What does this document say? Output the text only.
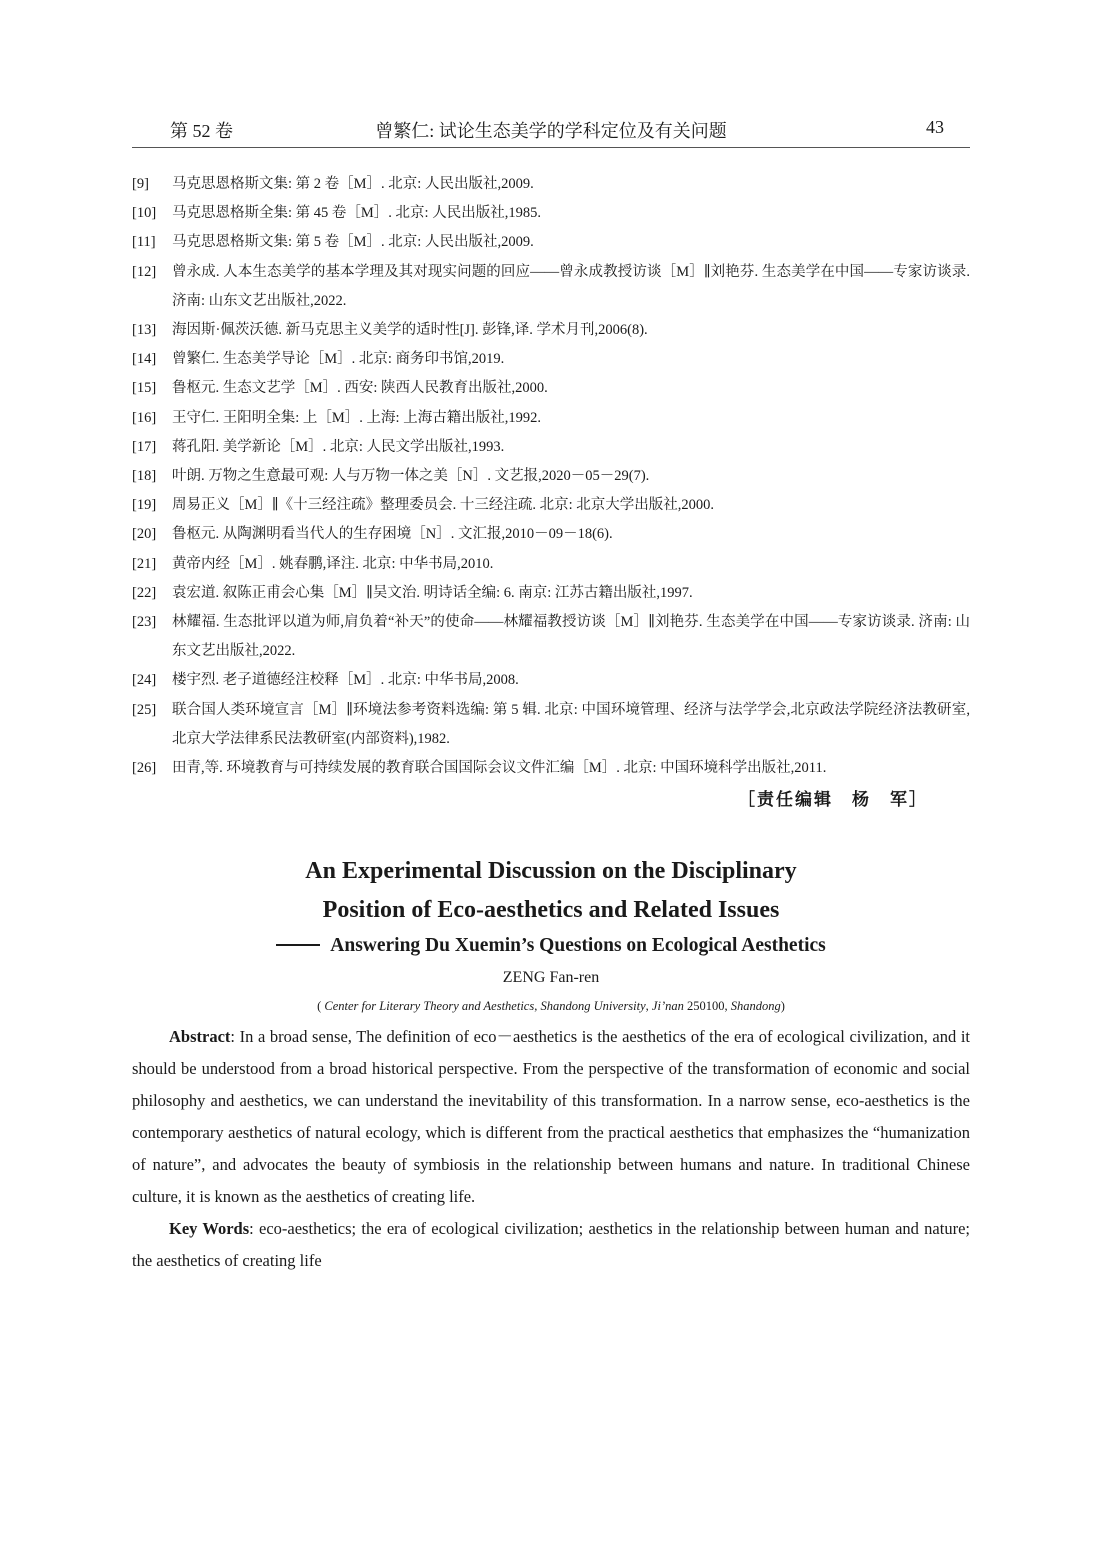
第 52 卷	曾繁仁: 试论生态美学的学科定位及有关问题	43
[9] 马克思恩格斯文集: 第 2 卷［M］. 北京: 人民出版社,2009.
[10] 马克思恩格斯全集: 第 45 卷［M］. 北京: 人民出版社,1985.
[11] 马克思恩格斯文集: 第 5 卷［M］. 北京: 人民出版社,2009.
[12] 曾永成. 人本生态美学的基本学理及其对现实问题的回应——曾永成教授访谈［M］∥刘艳芬. 生态美学在中国——专家访谈录. 济南: 山东文艺出版社,2022.
[13] 海因斯·佩茨沃德. 新马克思主义美学的适时性[J]. 彭锋,译. 学术月刊,2006(8).
[14] 曾繁仁. 生态美学导论［M］. 北京: 商务印书馆,2019.
[15] 鲁枢元. 生态文艺学［M］. 西安: 陕西人民教育出版社,2000.
[16] 王守仁. 王阳明全集: 上［M］. 上海: 上海古籍出版社,1992.
[17] 蒋孔阳. 美学新论［M］. 北京: 人民文学出版社,1993.
[18] 叶朗. 万物之生意最可观: 人与万物一体之美［N］. 文艺报,2020－05－29(7).
[19] 周易正义［M］∥《十三经注疏》整理委员会. 十三经注疏. 北京: 北京大学出版社,2000.
[20] 鲁枢元. 从陶渊明看当代人的生存困境［N］. 文汇报,2010－09－18(6).
[21] 黄帝内经［M］. 姚春鹏,译注. 北京: 中华书局,2010.
[22] 袁宏道. 叙陈正甫会心集［M］∥吴文治. 明诗话全编: 6. 南京: 江苏古籍出版社,1997.
[23] 林耀福. 生态批评以道为师,肩负着“补天”的使命——林耀福教授访谈［M］∥刘艳芬. 生态美学在中国——专家访谈录. 济南: 山东文艺出版社,2022.
[24] 楼宇烈. 老子道德经注校释［M］. 北京: 中华书局,2008.
[25] 联合国人类环境宣言［M］∥环境法参考资料选编: 第 5 辑. 北京: 中国环境管理、经济与法学学会,北京政法学院经济法教研室,北京大学法律系民法教研室(内部资料),1982.
[26] 田青,等. 环境教育与可持续发展的教育联合国国际会议文件汇编［M］. 北京: 中国环境科学出版社,2011.
［责任编辑　杨　军］
An Experimental Discussion on the Disciplinary
Position of Eco-aesthetics and Related Issues
Answering Du Xuemin’s Questions on Ecological Aesthetics
ZENG Fan-ren
( Center for Literary Theory and Aesthetics, Shandong University, Ji’nan 250100, Shandong)

Abstract: In a broad sense, The definition of eco－aesthetics is the aesthetics of the era of ecological civilization, and it should be understood from a broad historical perspective. From the perspective of the transformation of economic and social philosophy and aesthetics, we can understand the inevitability of this transformation. In a narrow sense, eco-aesthetics is the contemporary aesthetics of natural ecology, which is different from the practical aesthetics that emphasizes the “humanization of nature”, and advocates the beauty of symbiosis in the relationship between humans and nature. In traditional Chinese culture, it is known as the aesthetics of creating life.

Key Words: eco-aesthetics; the era of ecological civilization; aesthetics in the relationship between human and nature; the aesthetics of creating life
